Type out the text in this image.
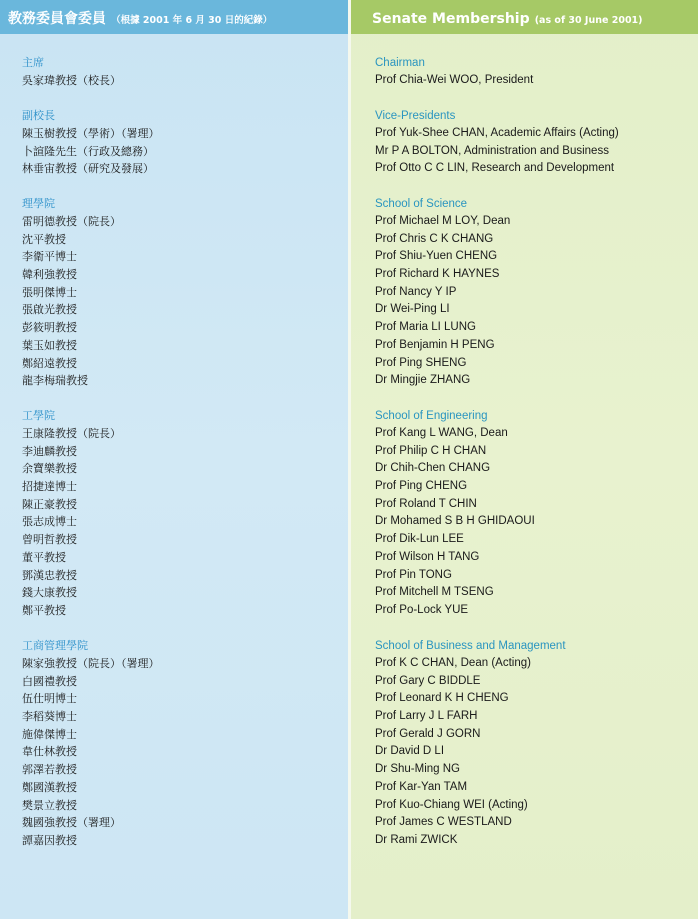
教務委員會委員 （根據 2001 年 6 月 30 日的紀錄）	Senate Membership (as of 30 June 2001)
主席
吳家瑋教授（校長）
副校長
陳玉樹教授（學術）（署理）
卜諠隆先生（行政及總務）
林垂宙教授（研究及發展）
理學院
雷明德教授（院長）
沈平教授
李衛平博士
韓利強教授
張明傑博士
張啟光教授
彭筱明教授
葉玉如教授
鄭紹遠教授
龍李梅瑞教授
工學院
王康隆教授（院長）
李迪麟教授
余寶樂教授
招捷達博士
陳正豪教授
張志成博士
曾明哲教授
董平教授
鄧漢忠教授
錢大康教授
鄭平教授
工商管理學院
陳家強教授（院長）（署理）
白國禮教授
伍仕明博士
李稻葵博士
施偉傑博士
韋仕林教授
郭澤若教授
鄭國漢教授
樊景立教授
魏國強教授（署理）
譚嘉因教授
Chairman
Prof Chia-Wei WOO, President
Vice-Presidents
Prof Yuk-Shee CHAN, Academic Affairs (Acting)
Mr P A BOLTON, Administration and Business
Prof Otto C C LIN, Research and Development
School of Science
Prof Michael M LOY, Dean
Prof Chris C K CHANG
Prof Shiu-Yuen CHENG
Prof Richard K HAYNES
Prof Nancy Y IP
Dr Wei-Ping LI
Prof Maria LI LUNG
Prof Benjamin H PENG
Prof Ping SHENG
Dr Mingjie ZHANG
School of Engineering
Prof Kang L WANG, Dean
Prof Philip C H CHAN
Dr Chih-Chen CHANG
Prof Ping CHENG
Prof Roland T CHIN
Dr Mohamed S B H GHIDAOUI
Prof Dik-Lun LEE
Prof Wilson H TANG
Prof Pin TONG
Prof Mitchell M TSENG
Prof Po-Lock YUE
School of Business and Management
Prof K C CHAN, Dean (Acting)
Prof Gary C BIDDLE
Prof Leonard K H CHENG
Prof Larry J L FARH
Prof Gerald J GORN
Dr David D LI
Dr Shu-Ming NG
Prof Kar-Yan TAM
Prof Kuo-Chiang WEI (Acting)
Prof James C WESTLAND
Dr Rami ZWICK
